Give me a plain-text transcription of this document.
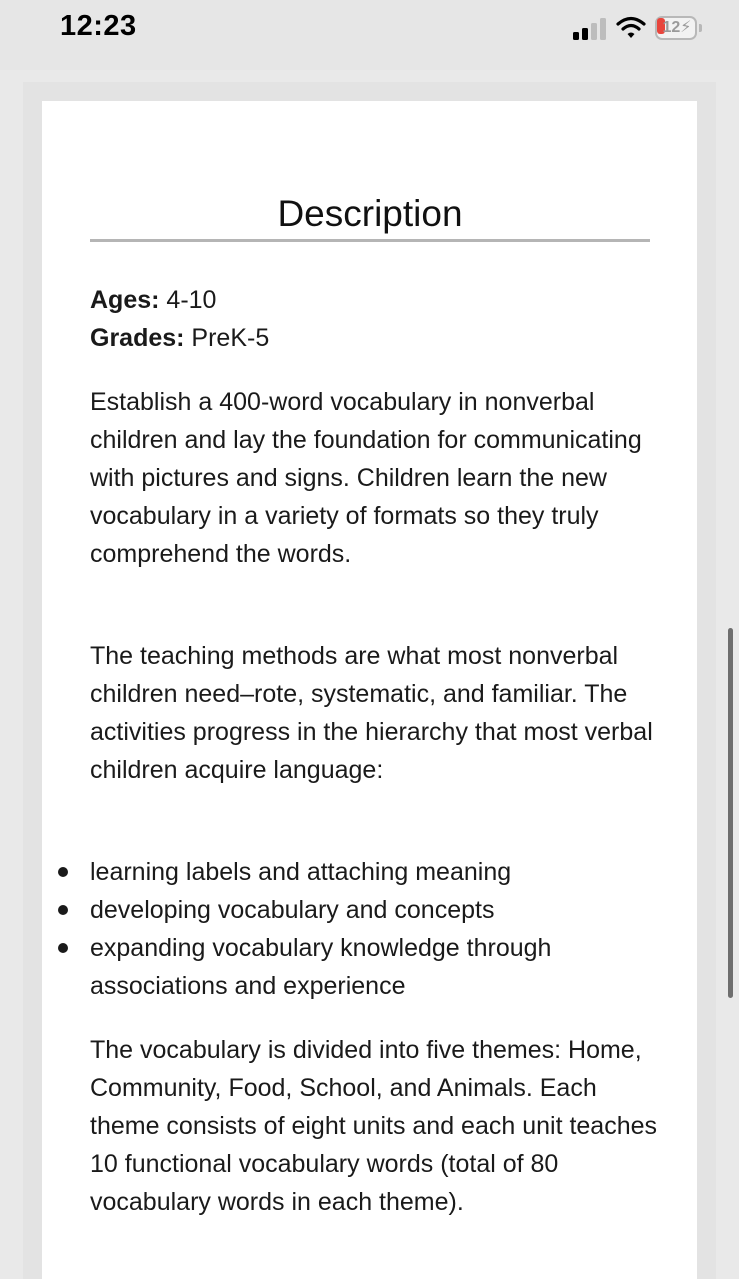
12:23	12⚡︎
Description
Ages: 4-10
Grades: PreK-5
Establish a 400-word vocabulary in nonverbal children and lay the foundation for communicating with pictures and signs. Children learn the new vocabulary in a variety of formats so they truly comprehend the words.
The teaching methods are what most nonverbal children need–rote, systematic, and familiar. The activities progress in the hierarchy that most verbal children acquire language:
learning labels and attaching meaning
developing vocabulary and concepts
expanding vocabulary knowledge through associations and experience
The vocabulary is divided into five themes: Home, Community, Food, School, and Animals. Each theme consists of eight units and each unit teaches 10 functional vocabulary words (total of 80 vocabulary words in each theme).
